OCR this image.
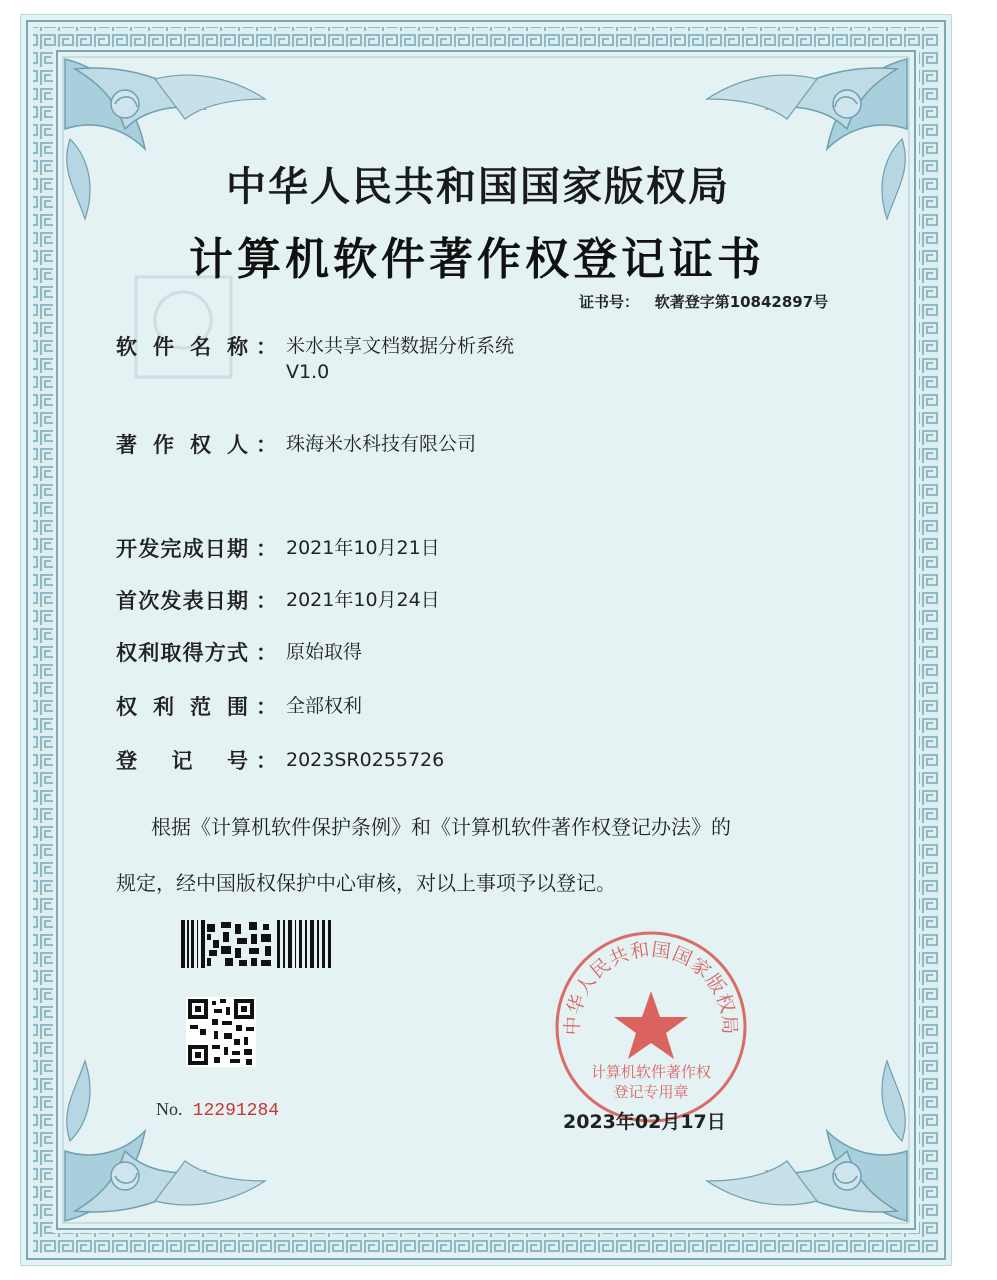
中华人民共和国国家版权局
计算机软件著作权登记证书
证书号： 软著登字第10842897号
软件名称 ： 米水共享文档数据分析系统
V1.0
著作权人 ： 珠海米水科技有限公司
开发完成日期 ： 2021年10月21日
首次发表日期 ： 2021年10月24日
权利取得方式 ： 原始取得
权利范围 ： 全部权利
登记号 ： 2023SR0255726
根据《计算机软件保护条例》和《计算机软件著作权登记办法》的
规定，经中国版权保护中心审核，对以上事项予以登记。
No. 12291284
中华人民共和国国家版权局
计算机软件著作权
登记专用章
2023年02月17日
